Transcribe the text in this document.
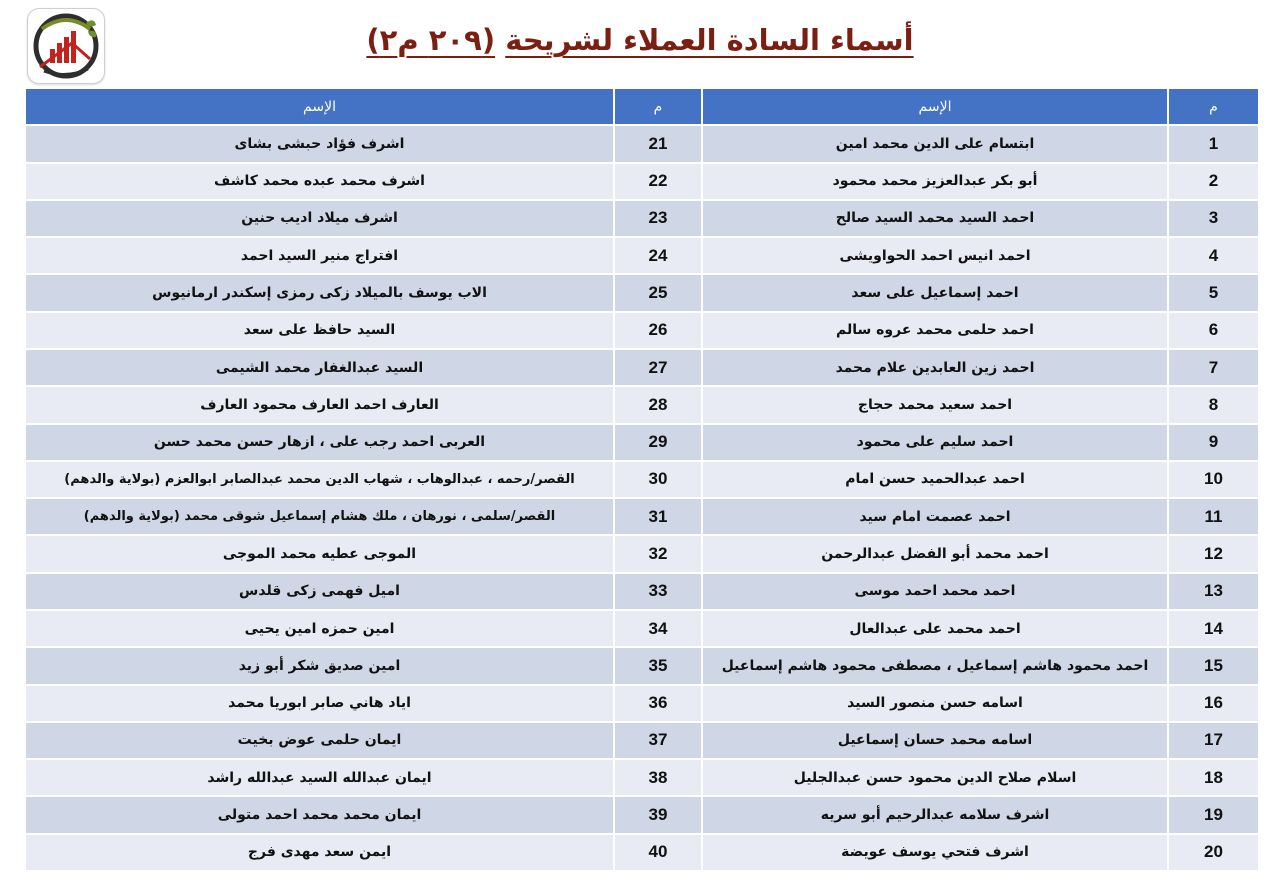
أسماء السادة العملاء لشريحة (٢٠٩ م٢)
الإسم	م	الإسم	م
اشرف فؤاد حبشى بشاى	21	ابتسام على الدين محمد امين	1
اشرف محمد عبده محمد كاشف	22	أبو بكر عبدالعزيز محمد محمود	2
اشرف ميلاد اديب حنين	23	احمد السيد محمد السيد صالح	3
افتراج منير السيد احمد	24	احمد انيس احمد الحواويشى	4
الاب يوسف بالميلاد زكى رمزى إسكندر ارمانيوس	25	احمد إسماعيل على سعد	5
السيد حافظ على سعد	26	احمد حلمى محمد عروه سالم	6
السيد عبدالغفار محمد الشيمى	27	احمد زين العابدين علام محمد	7
العارف احمد العارف محمود العارف	28	احمد سعيد محمد حجاج	8
العربى احمد رجب على ، ازهار حسن محمد حسن	29	احمد سليم على محمود	9
القصر/رحمه ، عبدالوهاب ، شهاب الدين محمد عبدالصابر ابوالعزم (بولاية والدهم)	30	احمد عبدالحميد حسن امام	10
القصر/سلمى ، نورهان ، ملك هشام إسماعيل شوقى محمد (بولاية والدهم)	31	احمد عصمت امام سيد	11
الموجى عطيه محمد الموجى	32	احمد محمد أبو الفضل عبدالرحمن	12
اميل فهمى زكى قلدس	33	احمد محمد احمد موسى	13
امين حمزه امين يحيى	34	احمد محمد على عبدالعال	14
امين صديق شكر أبو زيد	35	احمد محمود هاشم إسماعيل ، مصطفى محمود هاشم إسماعيل	15
اياد هاني صابر ابوريا محمد	36	اسامه حسن منصور السيد	16
ايمان حلمى عوض بخيت	37	اسامه محمد حسان إسماعيل	17
ايمان عبدالله السيد عبدالله راشد	38	اسلام صلاح الدين محمود حسن عبدالجليل	18
ايمان محمد محمد احمد متولى	39	اشرف سلامه عبدالرحيم أبو سريه	19
ايمن سعد مهدى فرج	40	اشرف فتحي يوسف عويضة	20
